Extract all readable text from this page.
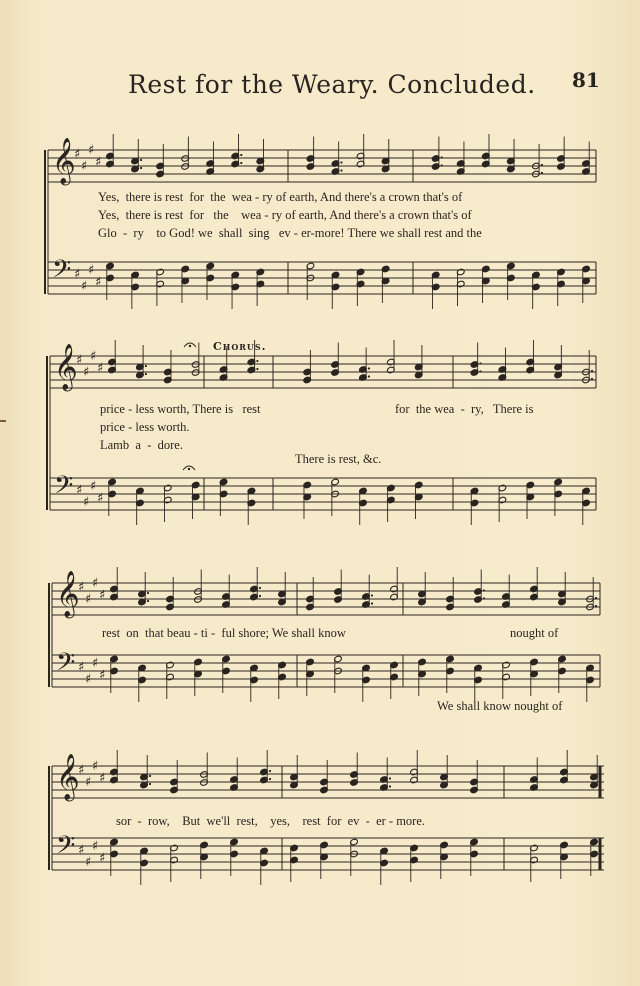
Rest for the Weary. Concluded. 81
𝄞
𝄢
♯
♯
♯
♯
♯
♯
♯
♯
𝄞
𝄢
♯
♯
♯
♯
♯
♯
♯
♯
𝄞
𝄢
♯
♯
♯
♯
♯
♯
♯
♯
𝄞
𝄢
♯
♯
♯
♯
♯
♯
♯
♯
Yes,  there is rest  for  the  wea - ry of earth, And there's a crown that's of
Yes,  there is rest  for   the    wea - ry of earth, And there's a crown that's of
Glo  -  ry    to God! we  shall  sing   ev - er-more! There we shall rest and the
Chorus.
price - less worth, There is   rest	for  the wea  -  ry,   There is
price - less worth.
Lamb  a  -  dore.
There is rest, &c.
rest  on  that beau - ti -  ful shore; We shall know	nought of
We shall know nought of
sor  -  row,    But  we'll  rest,    yes,    rest  for  ev  -  er - more.
